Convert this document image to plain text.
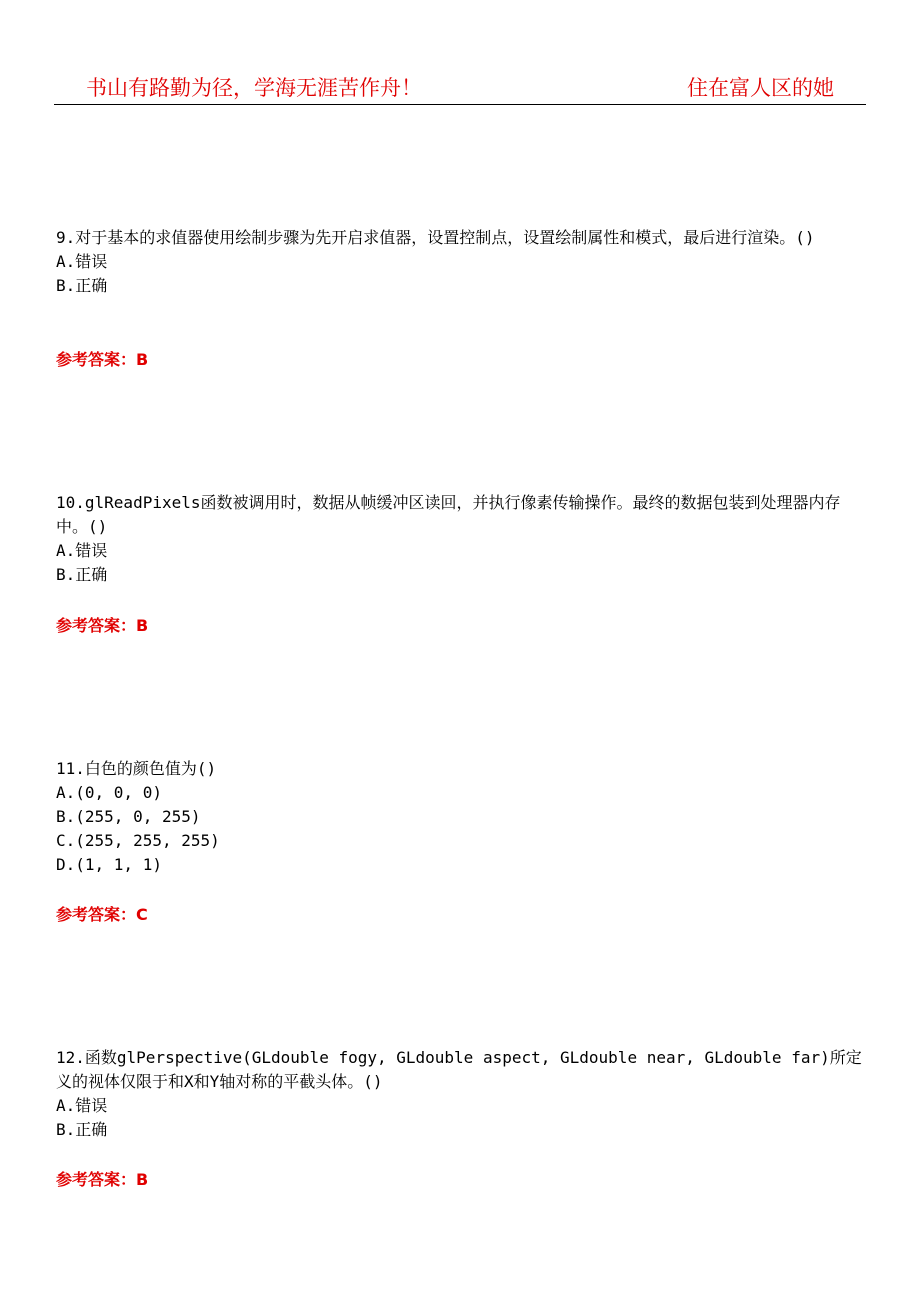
书山有路勤为径，学海无涯苦作舟！	住在富人区的她

9.对于基本的求值器使用绘制步骤为先开启求值器，设置控制点，设置绘制属性和模式，最后进行渲染。()

A.错误

B.正确

参考答案：B

10.glReadPixels函数被调用时，数据从帧缓冲区读回，并执行像素传输操作。最终的数据包装到处理器内存中。()

A.错误

B.正确

参考答案：B

11.白色的颜色值为()

A.(0, 0, 0)

B.(255, 0, 255)

C.(255, 255, 255)

D.(1, 1, 1)

参考答案：C

12.函数glPerspective(GLdouble fogy, GLdouble aspect, GLdouble near, GLdouble far)所定义的视体仅限于和X和Y轴对称的平截头体。()

A.错误

B.正确

参考答案：B
